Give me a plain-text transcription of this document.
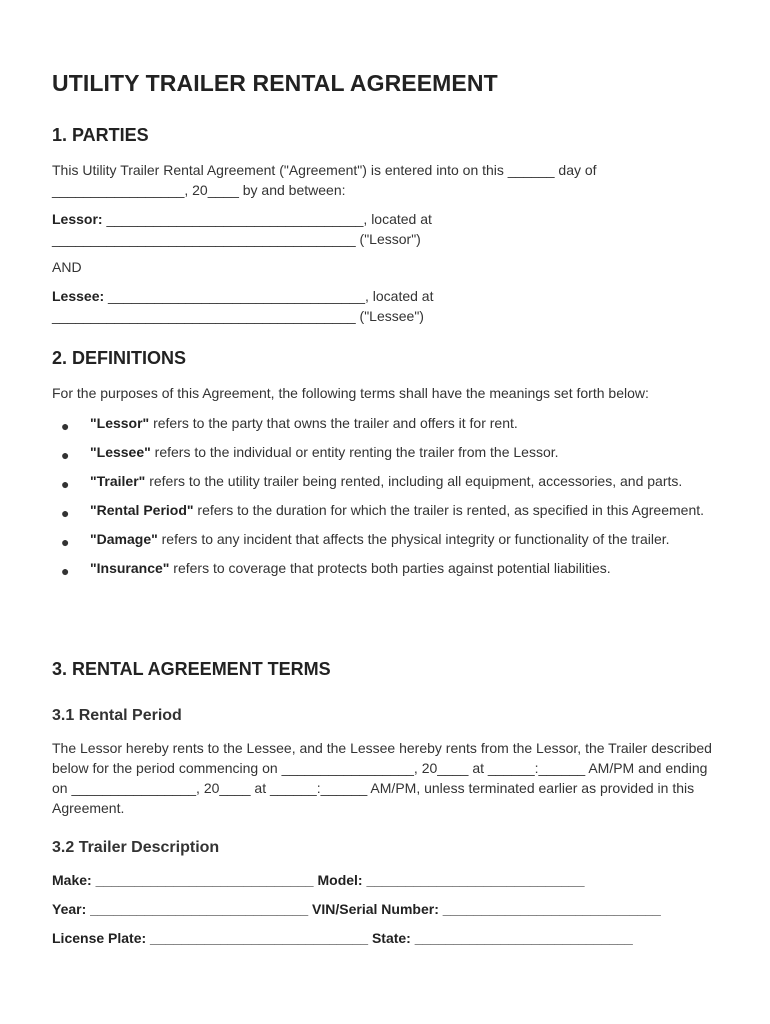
UTILITY TRAILER RENTAL AGREEMENT
1. PARTIES

This Utility Trailer Rental Agreement ("Agreement") is entered into on this ______ day of
_________________, 20____ by and between:

Lessor: _________________________________, located at
_______________________________________ ("Lessor")

AND

Lessee: _________________________________, located at
_______________________________________ ("Lessee")

2. DEFINITIONS

For the purposes of this Agreement, the following terms shall have the meanings set forth below:

● "Lessor" refers to the party that owns the trailer and offers it for rent.
● "Lessee" refers to the individual or entity renting the trailer from the Lessor.
● "Trailer" refers to the utility trailer being rented, including all equipment, accessories, and parts.
● "Rental Period" refers to the duration for which the trailer is rented, as specified in this Agreement.
● "Damage" refers to any incident that affects the physical integrity or functionality of the trailer.
● "Insurance" refers to coverage that protects both parties against potential liabilities.
3. RENTAL AGREEMENT TERMS
3.1 Rental Period

The Lessor hereby rents to the Lessee, and the Lessee hereby rents from the Lessor, the Trailer described below for the period commencing on _________________, 20____ at ______:______ AM/PM and ending on ________________, 20____ at ______:______ AM/PM, unless terminated earlier as provided in this Agreement.

3.2 Trailer Description

Make: ____________________________ Model: ____________________________

Year: ____________________________ VIN/Serial Number: ____________________________

License Plate: ____________________________ State: ____________________________
